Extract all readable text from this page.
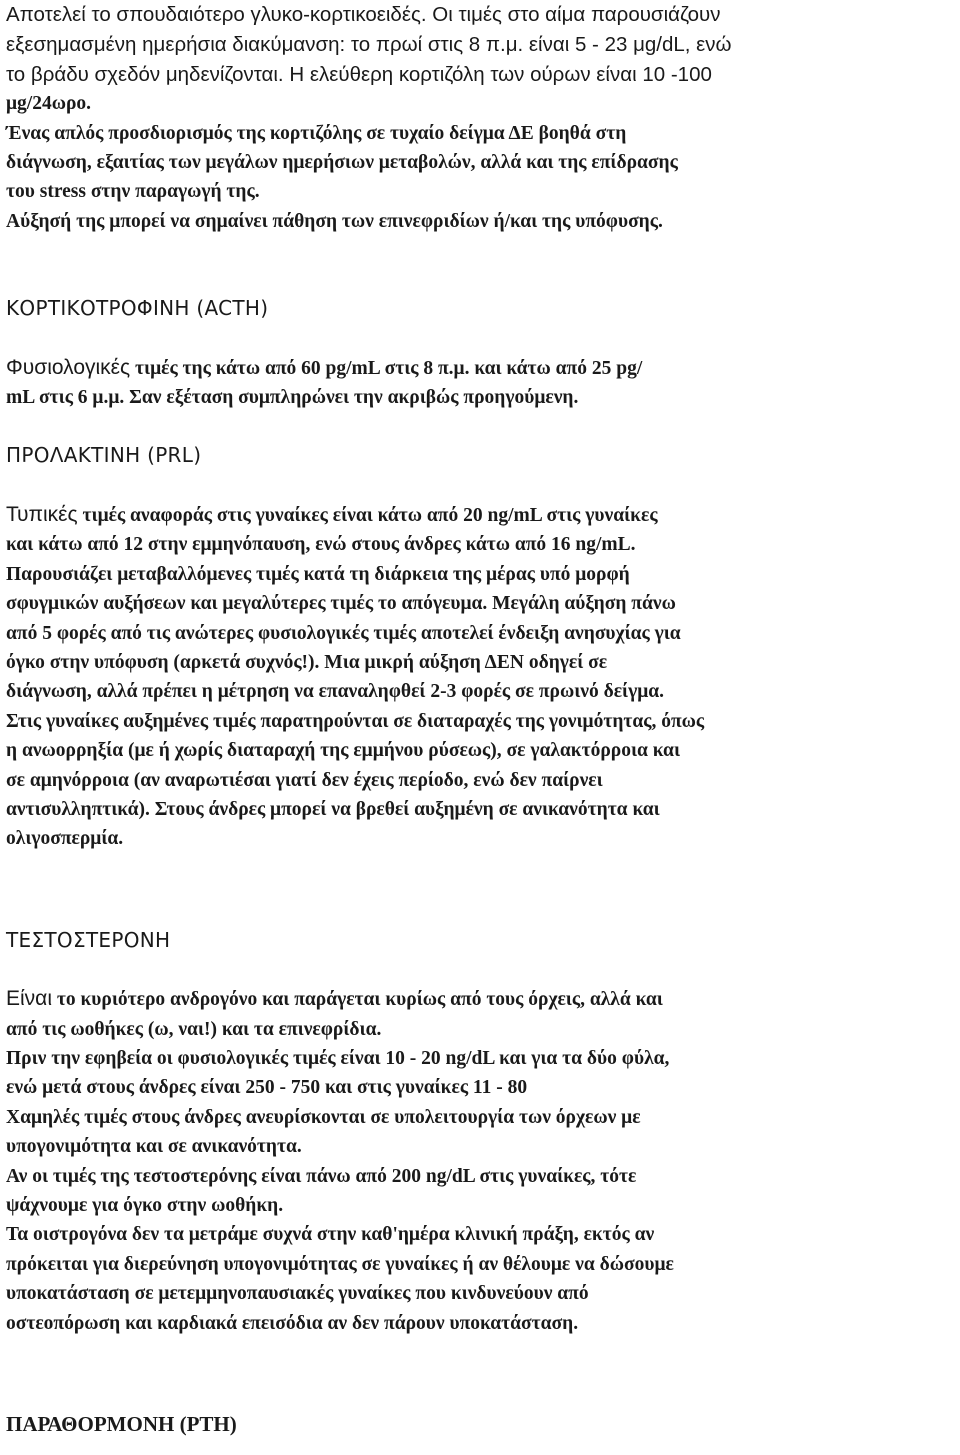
Αποτελεί το σπουδαιότερο γλυκο-κορτικοειδές. Οι τιμές στο αίμα παρουσιάζουν
εξεσημασμένη ημερήσια διακύμανση: το πρωί στις 8 π.μ. είναι 5 - 23 μg/dL, ενώ
το βράδυ σχεδόν μηδενίζονται. Η ελεύθερη κορτιζόλη των ούρων είναι 10 -100
μg/24ωρο.
Ένας απλός προσδιορισμός της κορτιζόλης σε τυχαίο δείγμα ΔΕ βοηθά στη
διάγνωση, εξαιτίας των μεγάλων ημερήσιων μεταβολών, αλλά και της επίδρασης
του stress στην παραγωγή της.
Αύξησή της μπορεί να σημαίνει πάθηση των επινεφριδίων ή/και της υπόφυσης.
ΚΟΡΤΙΚΟΤΡΟΦΙΝΗ (ACTH)
Φυσιολογικές τιμές της κάτω από 60 pg/mL στις 8 π.μ. και κάτω από 25 pg/
mL στις 6 μ.μ. Σαν εξέταση συμπληρώνει την ακριβώς προηγούμενη.
ΠΡΟΛΑΚΤΙΝΗ (PRL)
Τυπικές τιμές αναφοράς στις γυναίκες είναι κάτω από 20 ng/mL στις γυναίκες
και κάτω από 12 στην εμμηνόπαυση, ενώ στους άνδρες κάτω από 16 ng/mL.
Παρουσιάζει μεταβαλλόμενες τιμές κατά τη διάρκεια της μέρας υπό μορφή
σφυγμικών αυξήσεων και μεγαλύτερες τιμές το απόγευμα. Μεγάλη αύξηση πάνω
από 5 φορές από τις ανώτερες φυσιολογικές τιμές αποτελεί ένδειξη ανησυχίας για
όγκο στην υπόφυση (αρκετά συχνός!). Μια μικρή αύξηση ΔΕΝ οδηγεί σε
διάγνωση, αλλά πρέπει η μέτρηση να επαναληφθεί 2-3 φορές σε πρωινό δείγμα.
Στις γυναίκες αυξημένες τιμές παρατηρούνται σε διαταραχές της γονιμότητας, όπως
η ανωορρηξία (με ή χωρίς διαταραχή της εμμήνου ρύσεως), σε γαλακτόρροια και
σε αμηνόρροια (αν αναρωτιέσαι γιατί δεν έχεις περίοδο, ενώ δεν παίρνει
αντισυλληπτικά). Στους άνδρες μπορεί να βρεθεί αυξημένη σε ανικανότητα και
ολιγοσπερμία.
ΤΕΣΤΟΣΤΕΡΟΝΗ
Είναι το κυριότερο ανδρογόνο και παράγεται κυρίως από τους όρχεις, αλλά και
από τις ωοθήκες (ω, ναι!) και τα επινεφρίδια.
Πριν την εφηβεία οι φυσιολογικές τιμές είναι 10 - 20 ng/dL και για τα δύο φύλα,
ενώ μετά στους άνδρες είναι 250 - 750 και στις γυναίκες 11 - 80
Χαμηλές τιμές στους άνδρες ανευρίσκονται σε υπολειτουργία των όρχεων με
υπογονιμότητα και σε ανικανότητα.
Αν οι τιμές της τεστοστερόνης είναι πάνω από 200 ng/dL στις γυναίκες, τότε
ψάχνουμε για όγκο στην ωοθήκη.
Τα οιστρογόνα δεν τα μετράμε συχνά στην καθ'ημέρα κλινική πράξη, εκτός αν
πρόκειται για διερεύνηση υπογονιμότητας σε γυναίκες ή αν θέλουμε να δώσουμε
υποκατάσταση σε μετεμμηνοπαυσιακές γυναίκες που κινδυνεύουν από
οστεοπόρωση και καρδιακά επεισόδια αν δεν πάρουν υποκατάσταση.
ΠΑΡΑΘΟΡΜΟΝΗ (PTH)
